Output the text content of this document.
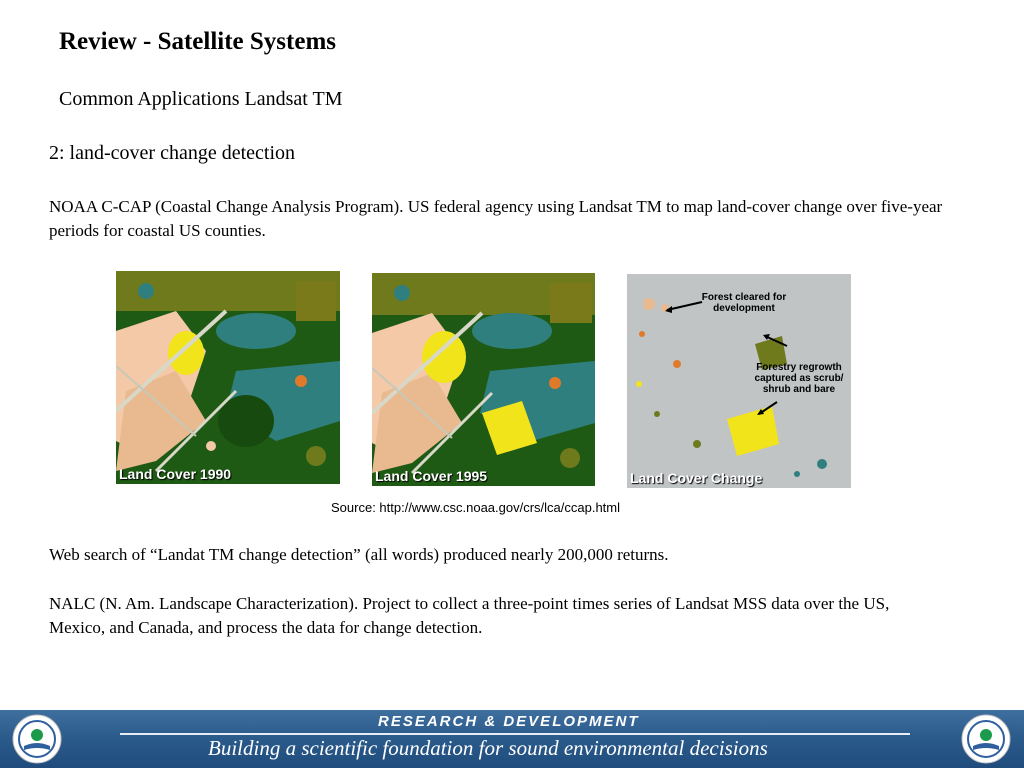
Review - Satellite Systems
Common Applications Landsat TM
2: land-cover change detection
NOAA C-CAP (Coastal Change Analysis Program). US federal agency using Landsat TM to map land-cover change over five-year periods for coastal US counties.
Land Cover 1990	Land Cover 1995
Forest cleared for development
Forestry regrowth captured as scrub/ shrub and bare
Land Cover Change
Source: http://www.csc.noaa.gov/crs/lca/ccap.html
Web search of “Landat TM change detection” (all words) produced nearly 200,000 returns.
NALC (N. Am. Landscape Characterization). Project to collect a three-point times series of Landsat MSS data over the US, Mexico, and Canada, and process the data for change detection.
RESEARCH & DEVELOPMENT
Building a scientific foundation for sound environmental decisions
